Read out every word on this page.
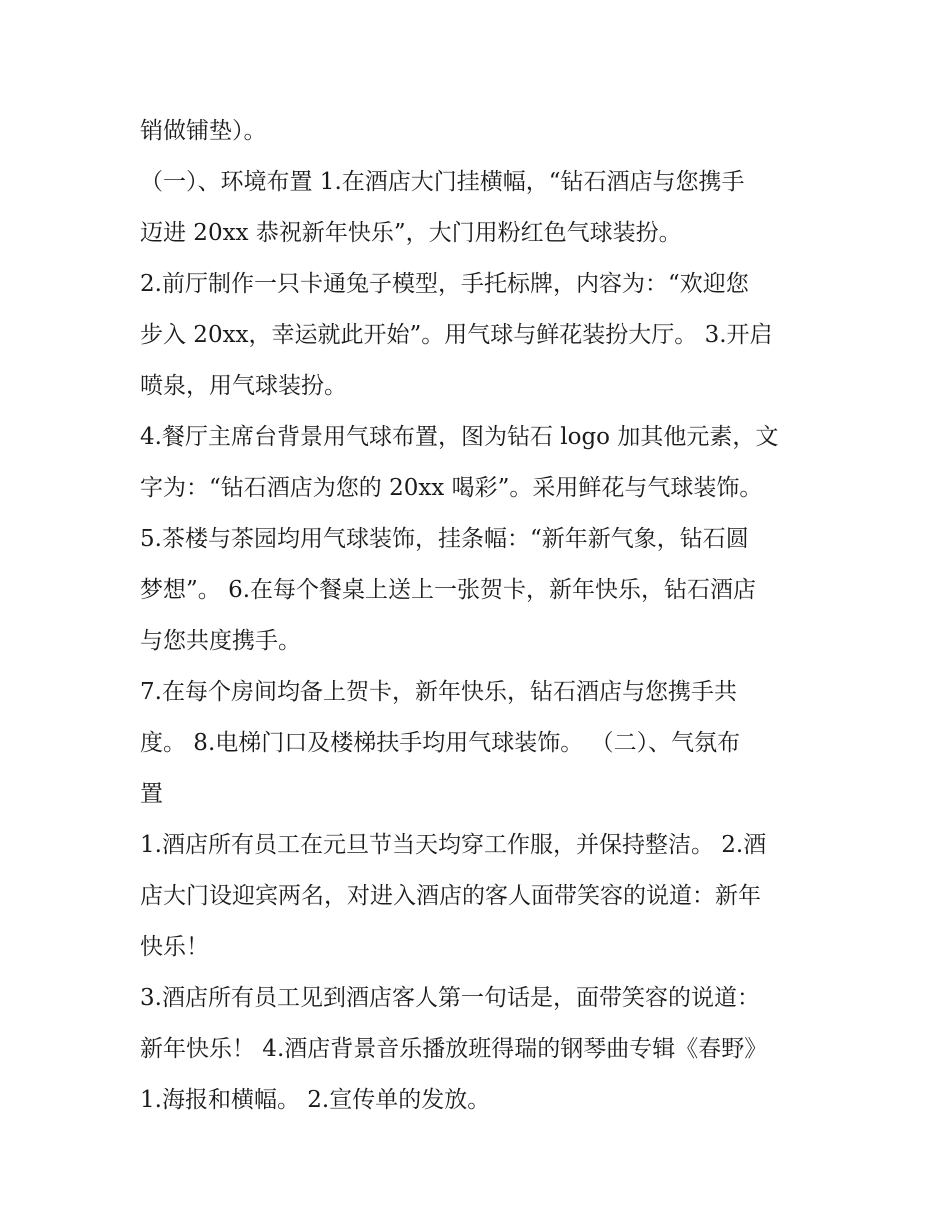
销做铺垫）。
（一）、环境布置 1.在酒店大门挂横幅，“钻石酒店与您携手
迈进 20xx 恭祝新年快乐”，大门用粉红色气球装扮。
2.前厅制作一只卡通兔子模型，手托标牌，内容为：“欢迎您
步入 20xx，幸运就此开始”。用气球与鲜花装扮大厅。 3.开启
喷泉，用气球装扮。
4.餐厅主席台背景用气球布置，图为钻石 logo 加其他元素，文
字为：“钻石酒店为您的 20xx 喝彩”。采用鲜花与气球装饰。
5.茶楼与茶园均用气球装饰，挂条幅：“新年新气象，钻石圆
梦想”。 6.在每个餐桌上送上一张贺卡，新年快乐，钻石酒店
与您共度携手。
7.在每个房间均备上贺卡，新年快乐，钻石酒店与您携手共
度。 8.电梯门口及楼梯扶手均用气球装饰。 （二）、气氛布
置
1.酒店所有员工在元旦节当天均穿工作服，并保持整洁。 2.酒
店大门设迎宾两名，对进入酒店的客人面带笑容的说道：新年
快乐！
3.酒店所有员工见到酒店客人第一句话是，面带笑容的说道：
新年快乐！ 4.酒店背景音乐播放班得瑞的钢琴曲专辑《春野》
1.海报和横幅。 2.宣传单的发放。
